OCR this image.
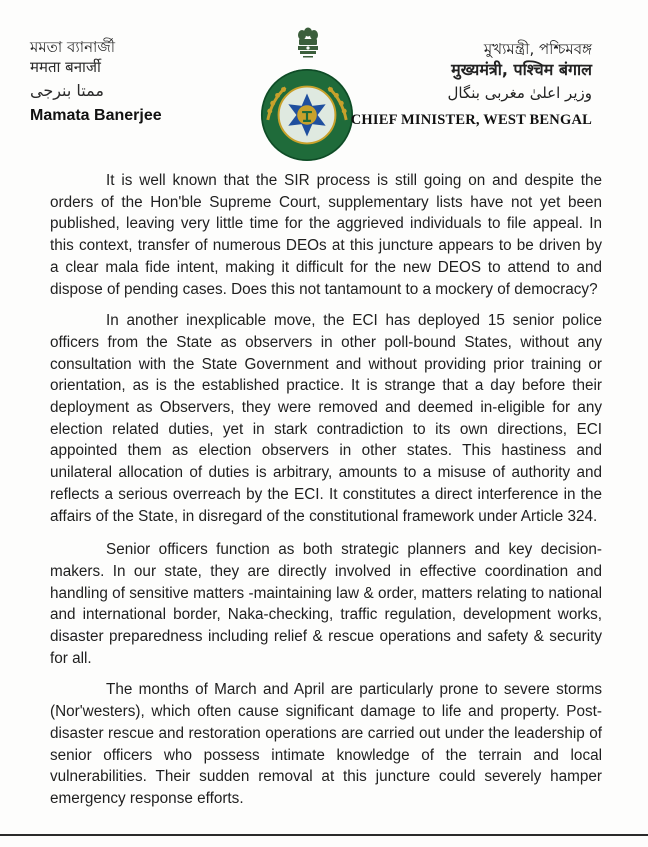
মমতা ব্যানার্জী
ममता बनार्जी
ممتا بنرجی
Mamata Banerjee
মুখ্যমন্ত্রী, পশ্চিমবঙ্গ
मुख्यमंत्री, पश्चिम बंगाल
وزیر اعلیٰ مغربی بنگال
CHIEF MINISTER, WEST BENGAL

It is well known that the SIR process is still going on and despite the orders of the Hon'ble Supreme Court, supplementary lists have not yet been published, leaving very little time for the aggrieved individuals to file appeal. In this context, transfer of numerous DEOs at this juncture appears to be driven by a clear mala fide intent, making it difficult for the new DEOS to attend to and dispose of pending cases. Does this not tantamount to a mockery of democracy?

In another inexplicable move, the ECI has deployed 15 senior police officers from the State as observers in other poll-bound States, without any consultation with the State Government and without providing prior training or orientation, as is the established practice. It is strange that a day before their deployment as Observers, they were removed and deemed in-eligible for any election related duties, yet in stark contradiction to its own directions, ECI appointed them as election observers in other states. This hastiness and unilateral allocation of duties is arbitrary, amounts to a misuse of authority and reflects a serious overreach by the ECI. It constitutes a direct interference in the affairs of the State, in disregard of the constitutional framework under Article 324.

Senior officers function as both strategic planners and key decision-makers. In our state, they are directly involved in effective coordination and handling of sensitive matters -maintaining law & order, matters relating to national and international border, Naka-checking, traffic regulation, development works, disaster preparedness including relief & rescue operations and safety & security for all.

The months of March and April are particularly prone to severe storms (Nor'westers), which often cause significant damage to life and property. Post-disaster rescue and restoration operations are carried out under the leadership of senior officers who possess intimate knowledge of the terrain and local vulnerabilities. Their sudden removal at this juncture could severely hamper emergency response efforts.
